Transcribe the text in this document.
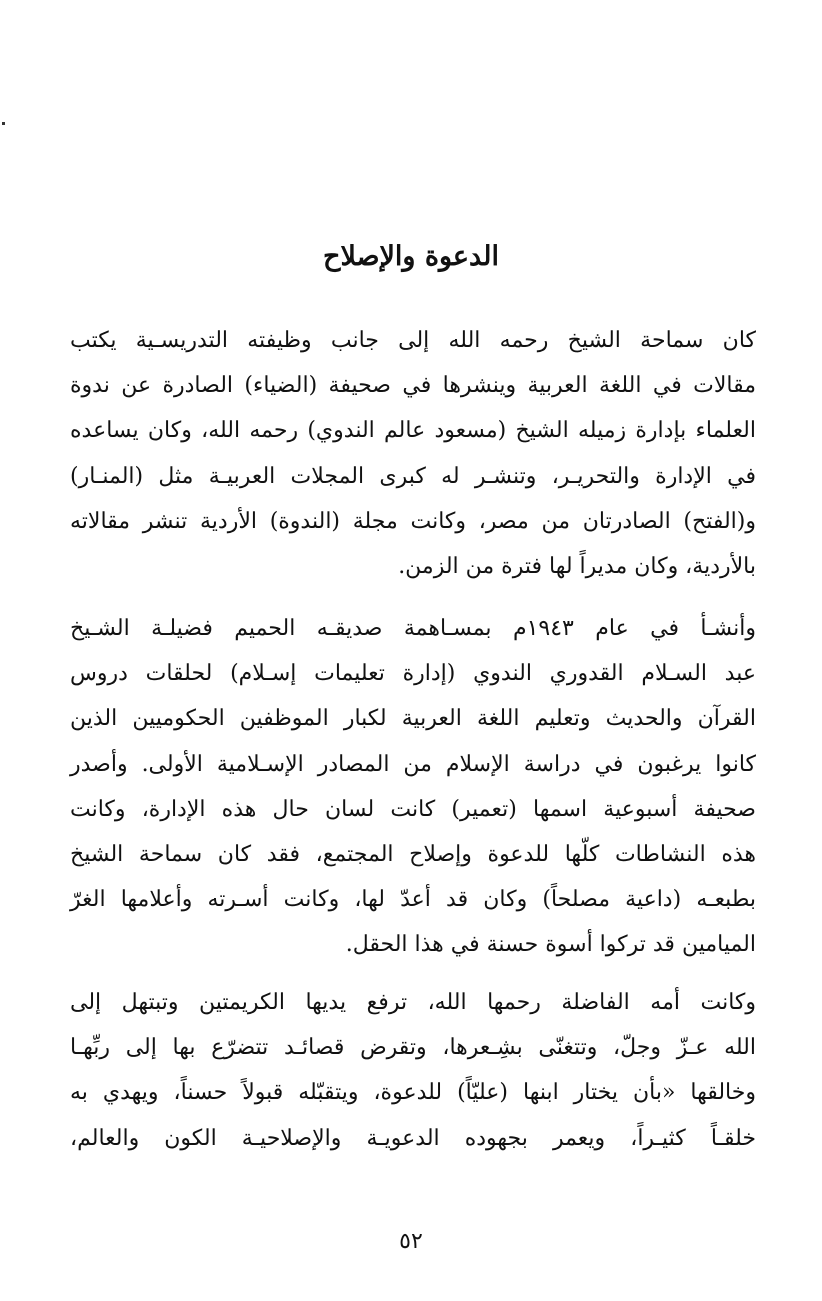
الدعوة والإصلاح
كان سماحة الشيخ رحمه الله إلى جانب وظيفته التدريسـية يكتب
مقالات في اللغة العربية وينشرها في صحيفة (الضياء) الصادرة عن ندوة
العلماء بإدارة زميله الشيخ (مسعود عالم الندوي) رحمه الله، وكان يساعده
في الإدارة والتحريـر، وتنشـر له كبرى المجلات العربيـة مثل (المنـار)
و(الفتح) الصادرتان من مصر، وكانت مجلة (الندوة) الأردية تنشر مقالاته
بالأردية، وكان مديراً لها فترة من الزمن.
وأنشـأ في عام ١٩٤٣م بمسـاهمة صديقـه الحميم فضيلـة الشـيخ
عبد السـلام القدوري الندوي (إدارة تعليمات إسـلام) لحلقات دروس
القرآن والحديث وتعليم اللغة العربية لكبار الموظفين الحكوميين الذين
كانوا يرغبون في دراسة الإسلام من المصادر الإسـلامية الأولى. وأصدر
صحيفة أسبوعية اسمها (تعمير) كانت لسان حال هذه الإدارة، وكانت
هذه النشاطات كلّها للدعوة وإصلاح المجتمع، فقد كان سماحة الشيخ
بطبعـه (داعية مصلحاً) وكان قد أعدّ لها، وكانت أسـرته وأعلامها الغرّ
الميامين قد تركوا أسوة حسنة في هذا الحقل.
وكانت أمه الفاضلة رحمها الله، ترفع يديها الكريمتين وتبتهل إلى
الله عـزّ وجلّ، وتتغنّى بشِـعرها، وتقرض قصائـد تتضرّع بها إلى ربِّهـا
وخالقها «بأن يختار ابنها (عليّاً) للدعوة، ويتقبّله قبولاً حسناً، ويهدي به
خلقـاً كثيـراً، ويعمر بجهوده الدعويـة والإصلاحيـة الكون والعالم،
٥٢
